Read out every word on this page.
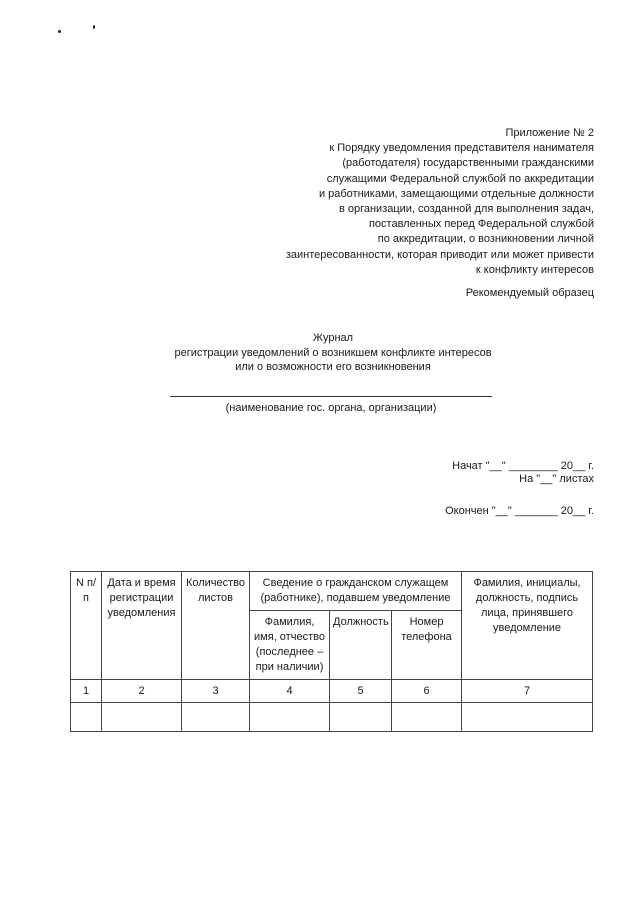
Приложение № 2
к Порядку уведомления представителя нанимателя
(работодателя) государственными гражданскими
служащими Федеральной службой по аккредитации
и работниками, замещающими отдельные должности
в организации, созданной для выполнения задач,
поставленных перед Федеральной службой
по аккредитации, о возникновении личной
заинтересованности, которая приводит или может привести
к конфликту интересов
Рекомендуемый образец
Журнал
регистрации уведомлений о возникшем конфликте интересов
или о возможности его возникновения
(наименование гос. органа, организации)

Начат "__" ________ 20__ г.

Окончен "__" _______ 20__ г.

На "__" листах
N п/п	Дата и время регистрации уведомления	Количество листов	Сведение о гражданском служащем (работнике), подавшем уведомление			Фамилия, инициалы, должность, подпись лица, принявшего уведомление
			Фамилия, имя, отчество (последнее – при наличии)	Должность	Номер телефона	
1	2	3	4	5	6	7
